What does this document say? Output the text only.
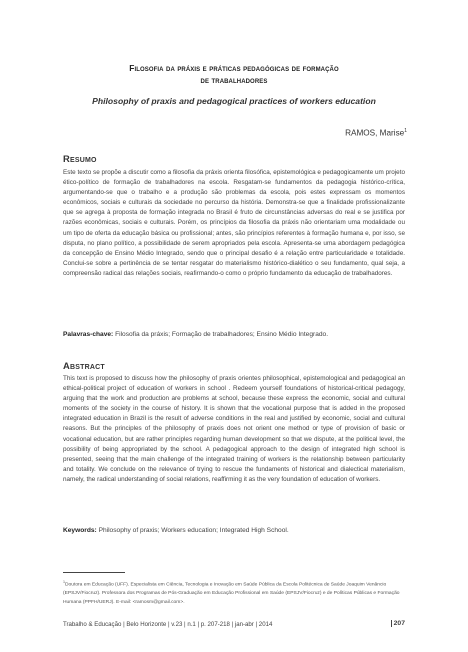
Filosofia da práxis e práticas pedagógicas de formação
de trabalhadores
Philosophy of praxis and pedagogical practices of workers education
RAMOS, Marise$^1$
Resumo
Este texto se propõe a discutir como a filosofia da práxis orienta filosófica, epistemológica e pedagogicamente um projeto ético-político de formação de trabalhadores na escola. Resgatam-se fundamentos da pedagogia histórico-crítica, argumentando-se que o trabalho e a produção são problemas da escola, pois estes expressam os momentos econômicos, sociais e culturais da sociedade no percurso da história. Demonstra-se que a finalidade profissionalizante que se agrega à proposta de formação integrada no Brasil é fruto de circunstâncias adversas do real e se justifica por razões econômicas, sociais e culturais. Porém, os princípios da filosofia da práxis não orientariam uma modalidade ou um tipo de oferta da educação básica ou profissional; antes, são princípios referentes à formação humana e, por isso, se disputa, no plano político, a possibilidade de serem apropriados pela escola. Apresenta-se uma abordagem pedagógica da concepção de Ensino Médio Integrado, sendo que o principal desafio é a relação entre particularidade e totalidade. Conclui-se sobre a pertinência de se tentar resgatar do materialismo histórico-dialético o seu fundamento, qual seja, a compreensão radical das relações sociais, reafirmando-o como o próprio fundamento da educação de trabalhadores.
Palavras-chave: Filosofia da práxis; Formação de trabalhadores; Ensino Médio Integrado.
Abstract
This text is proposed to discuss how the philosophy of praxis orientes philosophical, epistemological and pedagogical an ethical-political project of education of workers in school . Redeem yourself foundations of historical-critical pedagogy, arguing that the work and production are problems at school, because these express the economic, social and cultural moments of the society in the course of history. It is shown that the vocational purpose that is added in the proposed integrated education in Brazil is the result of adverse conditions in the real and justified by economic, social and cultural reasons. But the principles of the philosophy of praxis does not orient one method or type of provision of basic or vocational education, but are rather principles regarding human development so that we dispute, at the political level, the possibility of being appropriated by the school. A pedagogical approach to the design of integrated high school is presented, seeing that the main challenge of the integrated training of workers is the relationship between particularity and totality. We conclude on the relevance of trying to rescue the fundaments of historical and dialectical materialism, namely, the radical understanding of social relations, reaffirming it as the very foundation of education of workers.
Keywords: Philosophy of praxis; Workers education; Integrated High School.
$^1$Doutora em Educação (UFF). Especialista em Ciência, Tecnologia e Inovação em Saúde Pública da Escola Politécnica de Saúde Joaquim Venâncio (EPSJV/Fiocruz). Professora dos Programas de Pós-Graduação em Educação Profissional em Saúde (EPSJV/Fiocruz) e de Políticas Públicas e Formação Humana (PPFH/UERJ). E-mail: <ramosm@gmail.com>.
Trabalho & Educação | Belo Horizonte | v.23 | n.1 | p. 207-218 | jan-abr | 2014	207
